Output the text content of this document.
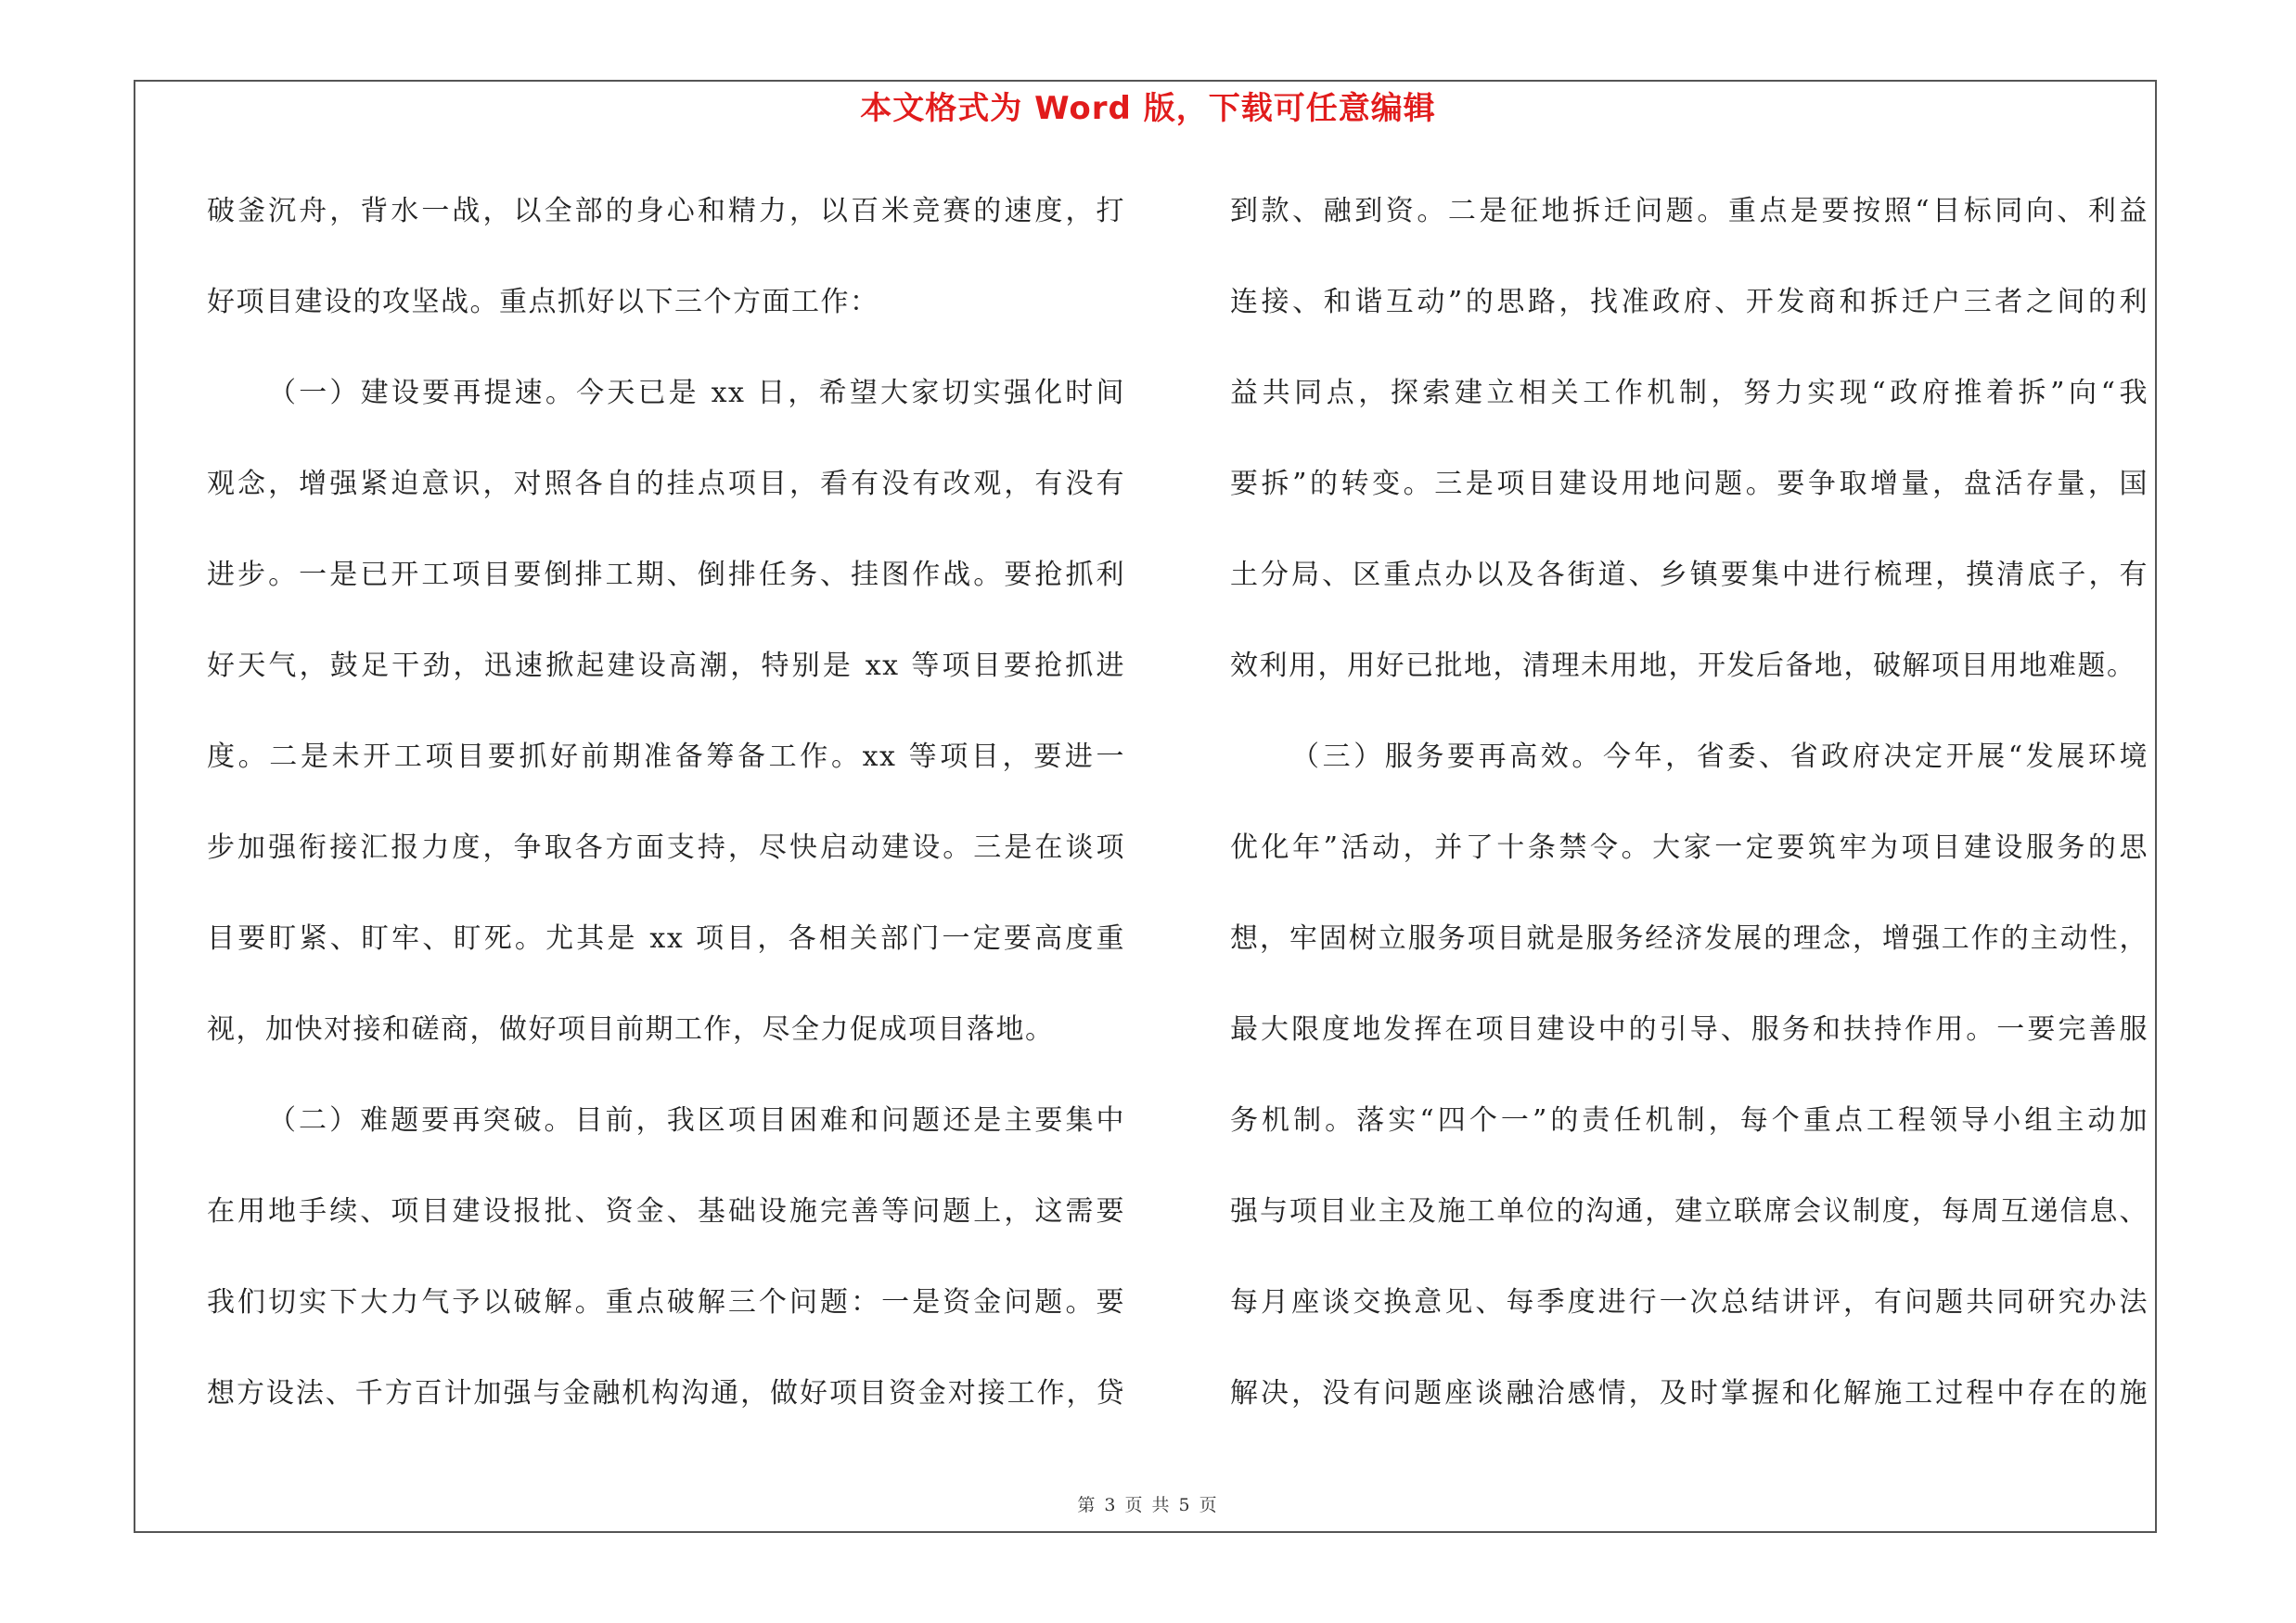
本文格式为 Word 版，下载可任意编辑
破釜沉舟，背水一战，以全部的身心和精力，以百米竞赛的速度，打
好项目建设的攻坚战。重点抓好以下三个方面工作：
（一）建设要再提速。今天已是 xx 日，希望大家切实强化时间
观念，增强紧迫意识，对照各自的挂点项目，看有没有改观，有没有
进步。一是已开工项目要倒排工期、倒排任务、挂图作战。要抢抓利
好天气，鼓足干劲，迅速掀起建设高潮，特别是 xx 等项目要抢抓进
度。二是未开工项目要抓好前期准备筹备工作。xx 等项目，要进一
步加强衔接汇报力度，争取各方面支持，尽快启动建设。三是在谈项
目要盯紧、盯牢、盯死。尤其是 xx 项目，各相关部门一定要高度重
视，加快对接和磋商，做好项目前期工作，尽全力促成项目落地。
（二）难题要再突破。目前，我区项目困难和问题还是主要集中
在用地手续、项目建设报批、资金、基础设施完善等问题上，这需要
我们切实下大力气予以破解。重点破解三个问题：一是资金问题。要
想方设法、千方百计加强与金融机构沟通，做好项目资金对接工作，贷
到款、融到资。二是征地拆迁问题。重点是要按照“目标同向、利益
连接、和谐互动”的思路，找准政府、开发商和拆迁户三者之间的利
益共同点，探索建立相关工作机制，努力实现“政府推着拆”向“我
要拆”的转变。三是项目建设用地问题。要争取增量，盘活存量，国
土分局、区重点办以及各街道、乡镇要集中进行梳理，摸清底子，有
效利用，用好已批地，清理未用地，开发后备地，破解项目用地难题。
（三）服务要再高效。今年，省委、省政府决定开展“发展环境
优化年”活动，并了十条禁令。大家一定要筑牢为项目建设服务的思
想，牢固树立服务项目就是服务经济发展的理念，增强工作的主动性，
最大限度地发挥在项目建设中的引导、服务和扶持作用。一要完善服
务机制。落实“四个一”的责任机制，每个重点工程领导小组主动加
强与项目业主及施工单位的沟通，建立联席会议制度，每周互递信息、
每月座谈交换意见、每季度进行一次总结讲评，有问题共同研究办法
解决，没有问题座谈融洽感情，及时掌握和化解施工过程中存在的施
第 3 页 共 5 页
